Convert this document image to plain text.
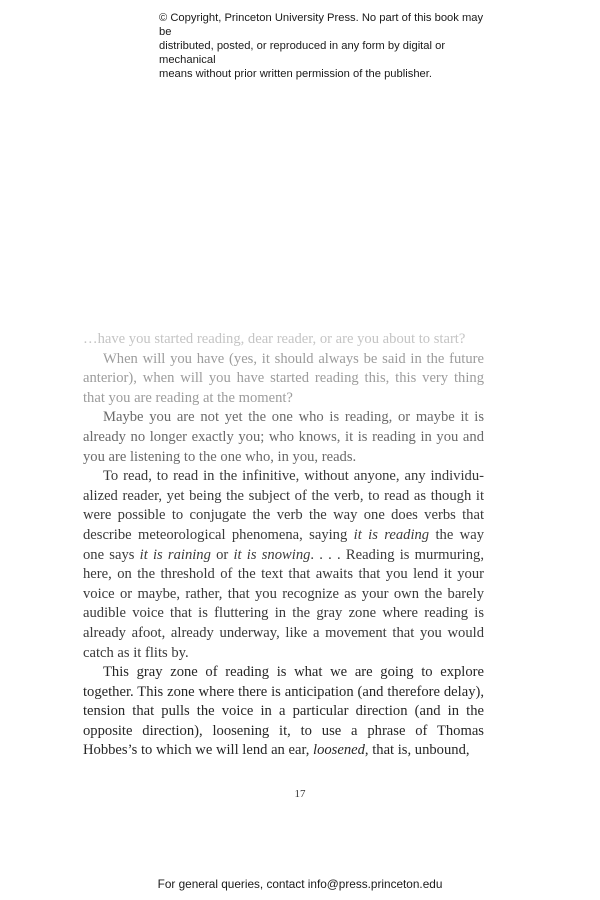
© Copyright, Princeton University Press. No part of this book may be
distributed, posted, or reproduced in any form by digital or mechanical
means without prior written permission of the publisher.

…have you started reading, dear reader, or are you about to start?

When will you have (yes, it should always be said in the future anterior), when will you have started reading this, this very thing that you are reading at the moment?

Maybe you are not yet the one who is reading, or maybe it is already no longer exactly you; who knows, it is reading in you and you are listening to the one who, in you, reads.

To read, to read in the infinitive, without anyone, any individu-alized reader, yet being the subject of the verb, to read as though it were possible to conjugate the verb the way one does verbs that describe meteorological phenomena, saying it is reading the way one says it is raining or it is snowing. . . . Reading is murmuring, here, on the threshold of the text that awaits that you lend it your voice or maybe, rather, that you recognize as your own the barely audible voice that is fluttering in the gray zone where reading is already afoot, already underway, like a movement that you would catch as it flits by.

This gray zone of reading is what we are going to explore together. This zone where there is anticipation (and therefore delay), tension that pulls the voice in a particular direction (and in the opposite direction), loosening it, to use a phrase of Thomas Hobbes’s to which we will lend an ear, loosened, that is, unbound,

17
For general queries, contact info@press.princeton.edu
